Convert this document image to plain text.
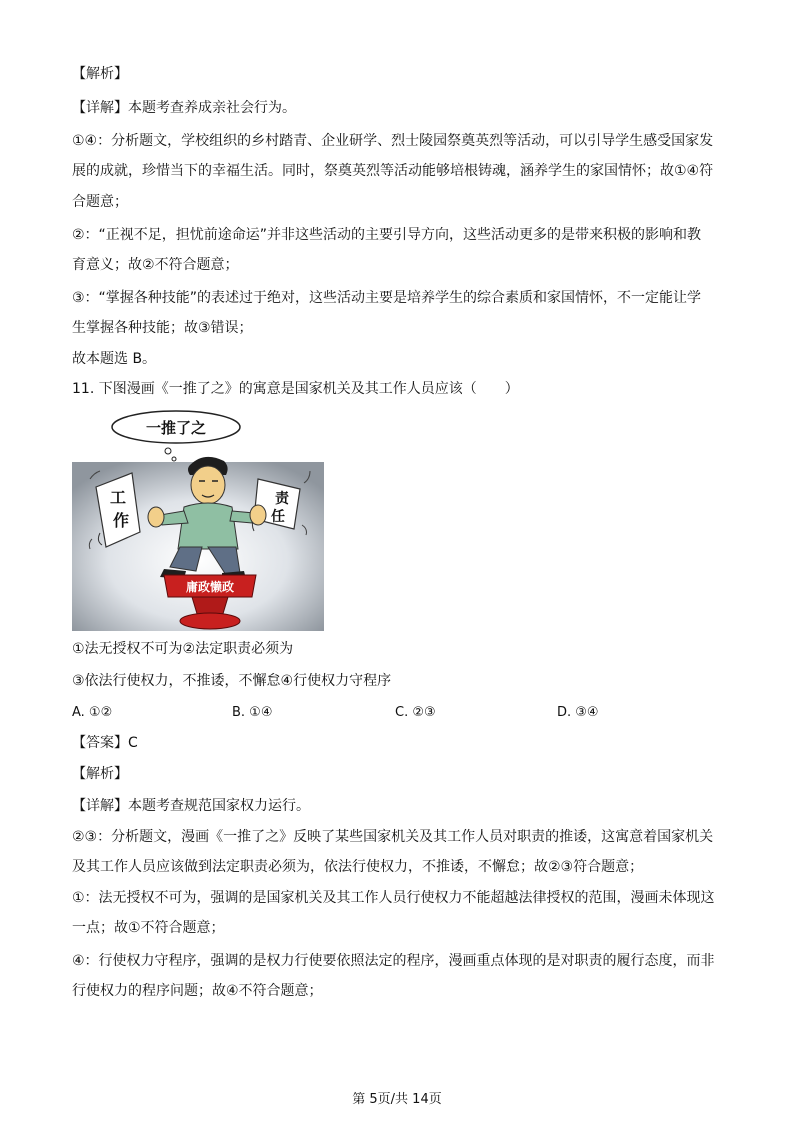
【解析】
【详解】本题考查养成亲社会行为。
①④：分析题文，学校组织的乡村踏青、企业研学、烈士陵园祭奠英烈等活动，可以引导学生感受国家发
展的成就，珍惜当下的幸福生活。同时，祭奠英烈等活动能够培根铸魂，涵养学生的家国情怀；故①④符
合题意；
②：“正视不足，担忧前途命运”并非这些活动的主要引导方向，这些活动更多的是带来积极的影响和教
育意义；故②不符合题意；
③：“掌握各种技能”的表述过于绝对，这些活动主要是培养学生的综合素质和家国情怀，不一定能让学
生掌握各种技能；故③错误；
故本题选 B。
11. 下图漫画《一推了之》的寓意是国家机关及其工作人员应该（　　）
一推了之
工
作
责
任
庸政懒政
①法无授权不可为②法定职责必须为
③依法行使权力，不推诿，不懈怠④行使权力守程序
A. ①②	B. ①④	C. ②③	D. ③④
【答案】C
【解析】
【详解】本题考查规范国家权力运行。
②③：分析题文，漫画《一推了之》反映了某些国家机关及其工作人员对职责的推诿，这寓意着国家机关
及其工作人员应该做到法定职责必须为，依法行使权力，不推诿，不懈怠；故②③符合题意；
①：法无授权不可为，强调的是国家机关及其工作人员行使权力不能超越法律授权的范围，漫画未体现这
一点；故①不符合题意；
④：行使权力守程序，强调的是权力行使要依照法定的程序，漫画重点体现的是对职责的履行态度，而非
行使权力的程序问题；故④不符合题意；
第 5页/共 14页
